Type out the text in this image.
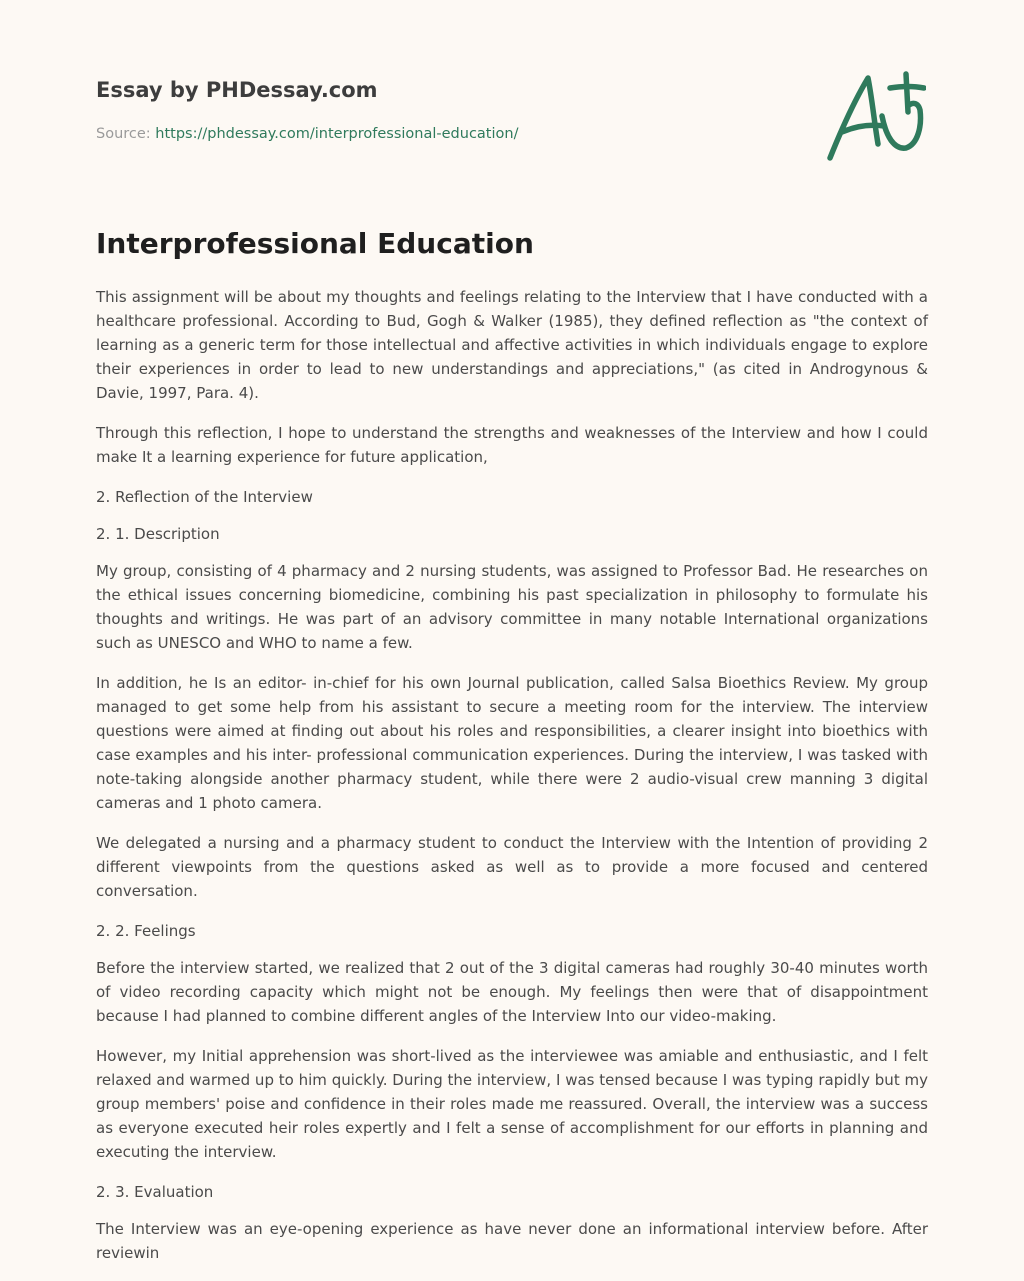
Essay by PHDessay.com
Source: https://phdessay.com/interprofessional-education/
Interprofessional Education

This assignment will be about my thoughts and feelings relating to the Interview that I have conducted with a healthcare professional. According to Bud, Gogh & Walker (1985), they defined reflection as "the context of learning as a generic term for those intellectual and affective activities in which individuals engage to explore their experiences in order to lead to new understandings and appreciations," (as cited in Androgynous & Davie, 1997, Para. 4).

Through this reflection, I hope to understand the strengths and weaknesses of the Interview and how I could make It a learning experience for future application,

2. Reflection of the Interview

2. 1. Description

My group, consisting of 4 pharmacy and 2 nursing students, was assigned to Professor Bad. He researches on the ethical issues concerning biomedicine, combining his past specialization in philosophy to formulate his thoughts and writings. He was part of an advisory committee in many notable International organizations such as UNESCO and WHO to name a few.

In addition, he Is an editor- in-chief for his own Journal publication, called Salsa Bioethics Review. My group managed to get some help from his assistant to secure a meeting room for the interview. The interview questions were aimed at finding out about his roles and responsibilities, a clearer insight into bioethics with case examples and his inter- professional communication experiences. During the interview, I was tasked with note-taking alongside another pharmacy student, while there were 2 audio-visual crew manning 3 digital cameras and 1 photo camera.

We delegated a nursing and a pharmacy student to conduct the Interview with the Intention of providing 2 different viewpoints from the questions asked as well as to provide a more focused and centered conversation.

2. 2. Feelings

Before the interview started, we realized that 2 out of the 3 digital cameras had roughly 30-40 minutes worth of video recording capacity which might not be enough. My feelings then were that of disappointment because I had planned to combine different angles of the Interview Into our video-making.

However, my Initial apprehension was short-lived as the interviewee was amiable and enthusiastic, and I felt relaxed and warmed up to him quickly. During the interview, I was tensed because I was typing rapidly but my group members' poise and confidence in their roles made me reassured. Overall, the interview was a success as everyone executed heir roles expertly and I felt a sense of accomplishment for our efforts in planning and executing the interview.

2. 3. Evaluation

The Interview was an eye-opening experience as have never done an informational interview before. After reviewin
